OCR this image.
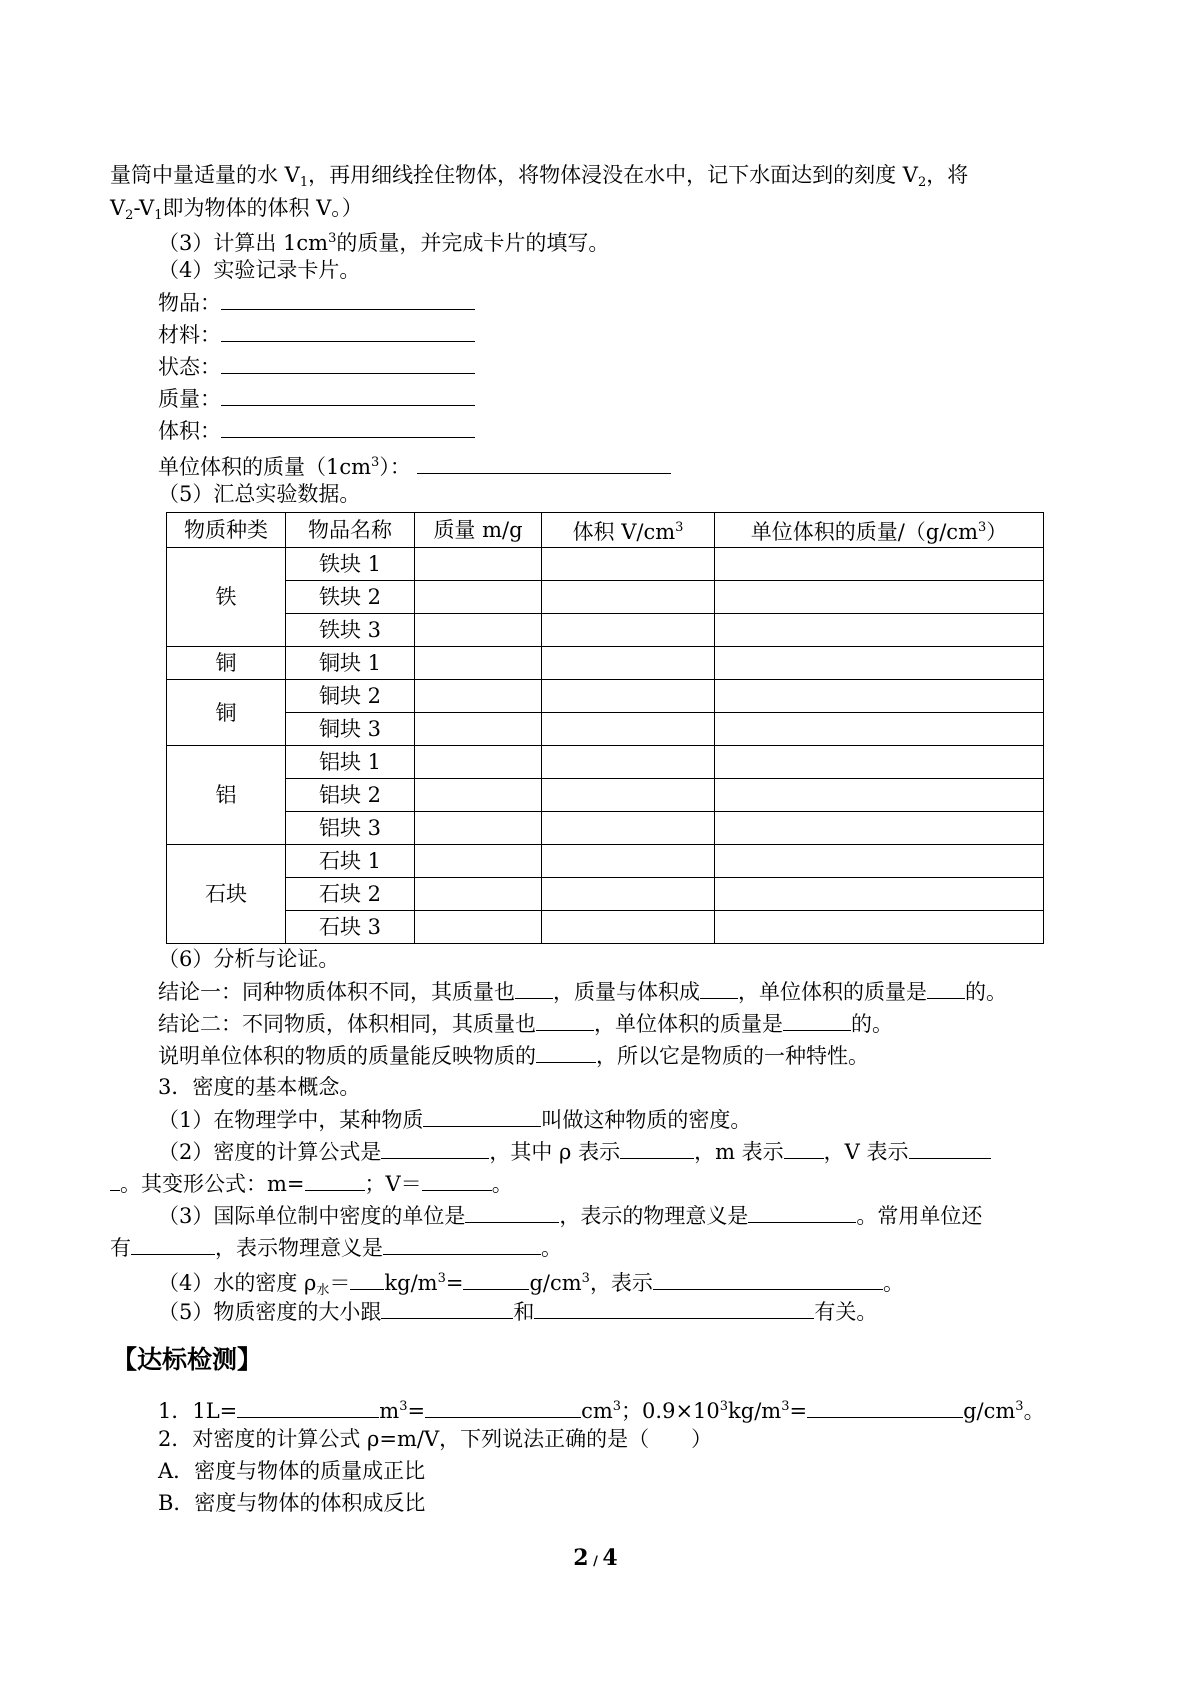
量筒中量适量的水 $V_1$，再用细线拴住物体，将物体浸没在水中，记下水面达到的刻度 $V_2$，将
$V_2-V_1$即为物体的体积 V。）
（3）计算出 $1cm^3$的质量，并完成卡片的填写。
（4）实验记录卡片。
物品：
材料：
状态：
质量：
体积：
单位体积的质量$(1cm^3)$：
（5）汇总实验数据。
物质种类	物品名称	质量 m/g	体积 $V/cm^3$	单位体积的质量$/(g/cm^3)$
铁	铁块 1			
	铁块 2			
	铁块 3			
铜	铜块 1			
铜	铜块 2			
	铜块 3			
铝	铝块 1			
	铝块 2			
	铝块 3			
石块	石块 1			
	石块 2			
	石块 3			
（6）分析与论证。
结论一：同种物质体积不同，其质量也 ，质量与体积成 ，单位体积的质量是 的。
结论二：不同物质，体积相同，其质量也	，单位体积的质量是	的。
说明单位体积的物质的质量能反映物质的	，所以它是物质的一种特性。
3．密度的基本概念。
（1）在物理学中，某种物质	叫做这种物质的密度。
（2）密度的计算公式是	，其中 ρ 表示	，m 表示 ，V 表示
。其变形公式：m=	；V＝	。
（3）国际单位制中密度的单位是	，表示的物理意义是	。常用单位还
有	，表示物理意义是	。
（4）水的密度 $\rho_水= kg/m^3=$	$g/cm^3$，表示	。
（5）物质密度的大小跟	和	有关。
【达标检测】
1．1L=	$m^3=$	$cm^3$；$0.9\times 10^3kg/m^3=$	$g/cm^3$。
2．对密度的计算公式 ρ=m/V，下列说法正确的是（　　）
A．密度与物体的质量成正比
B．密度与物体的体积成反比
2 / 4
